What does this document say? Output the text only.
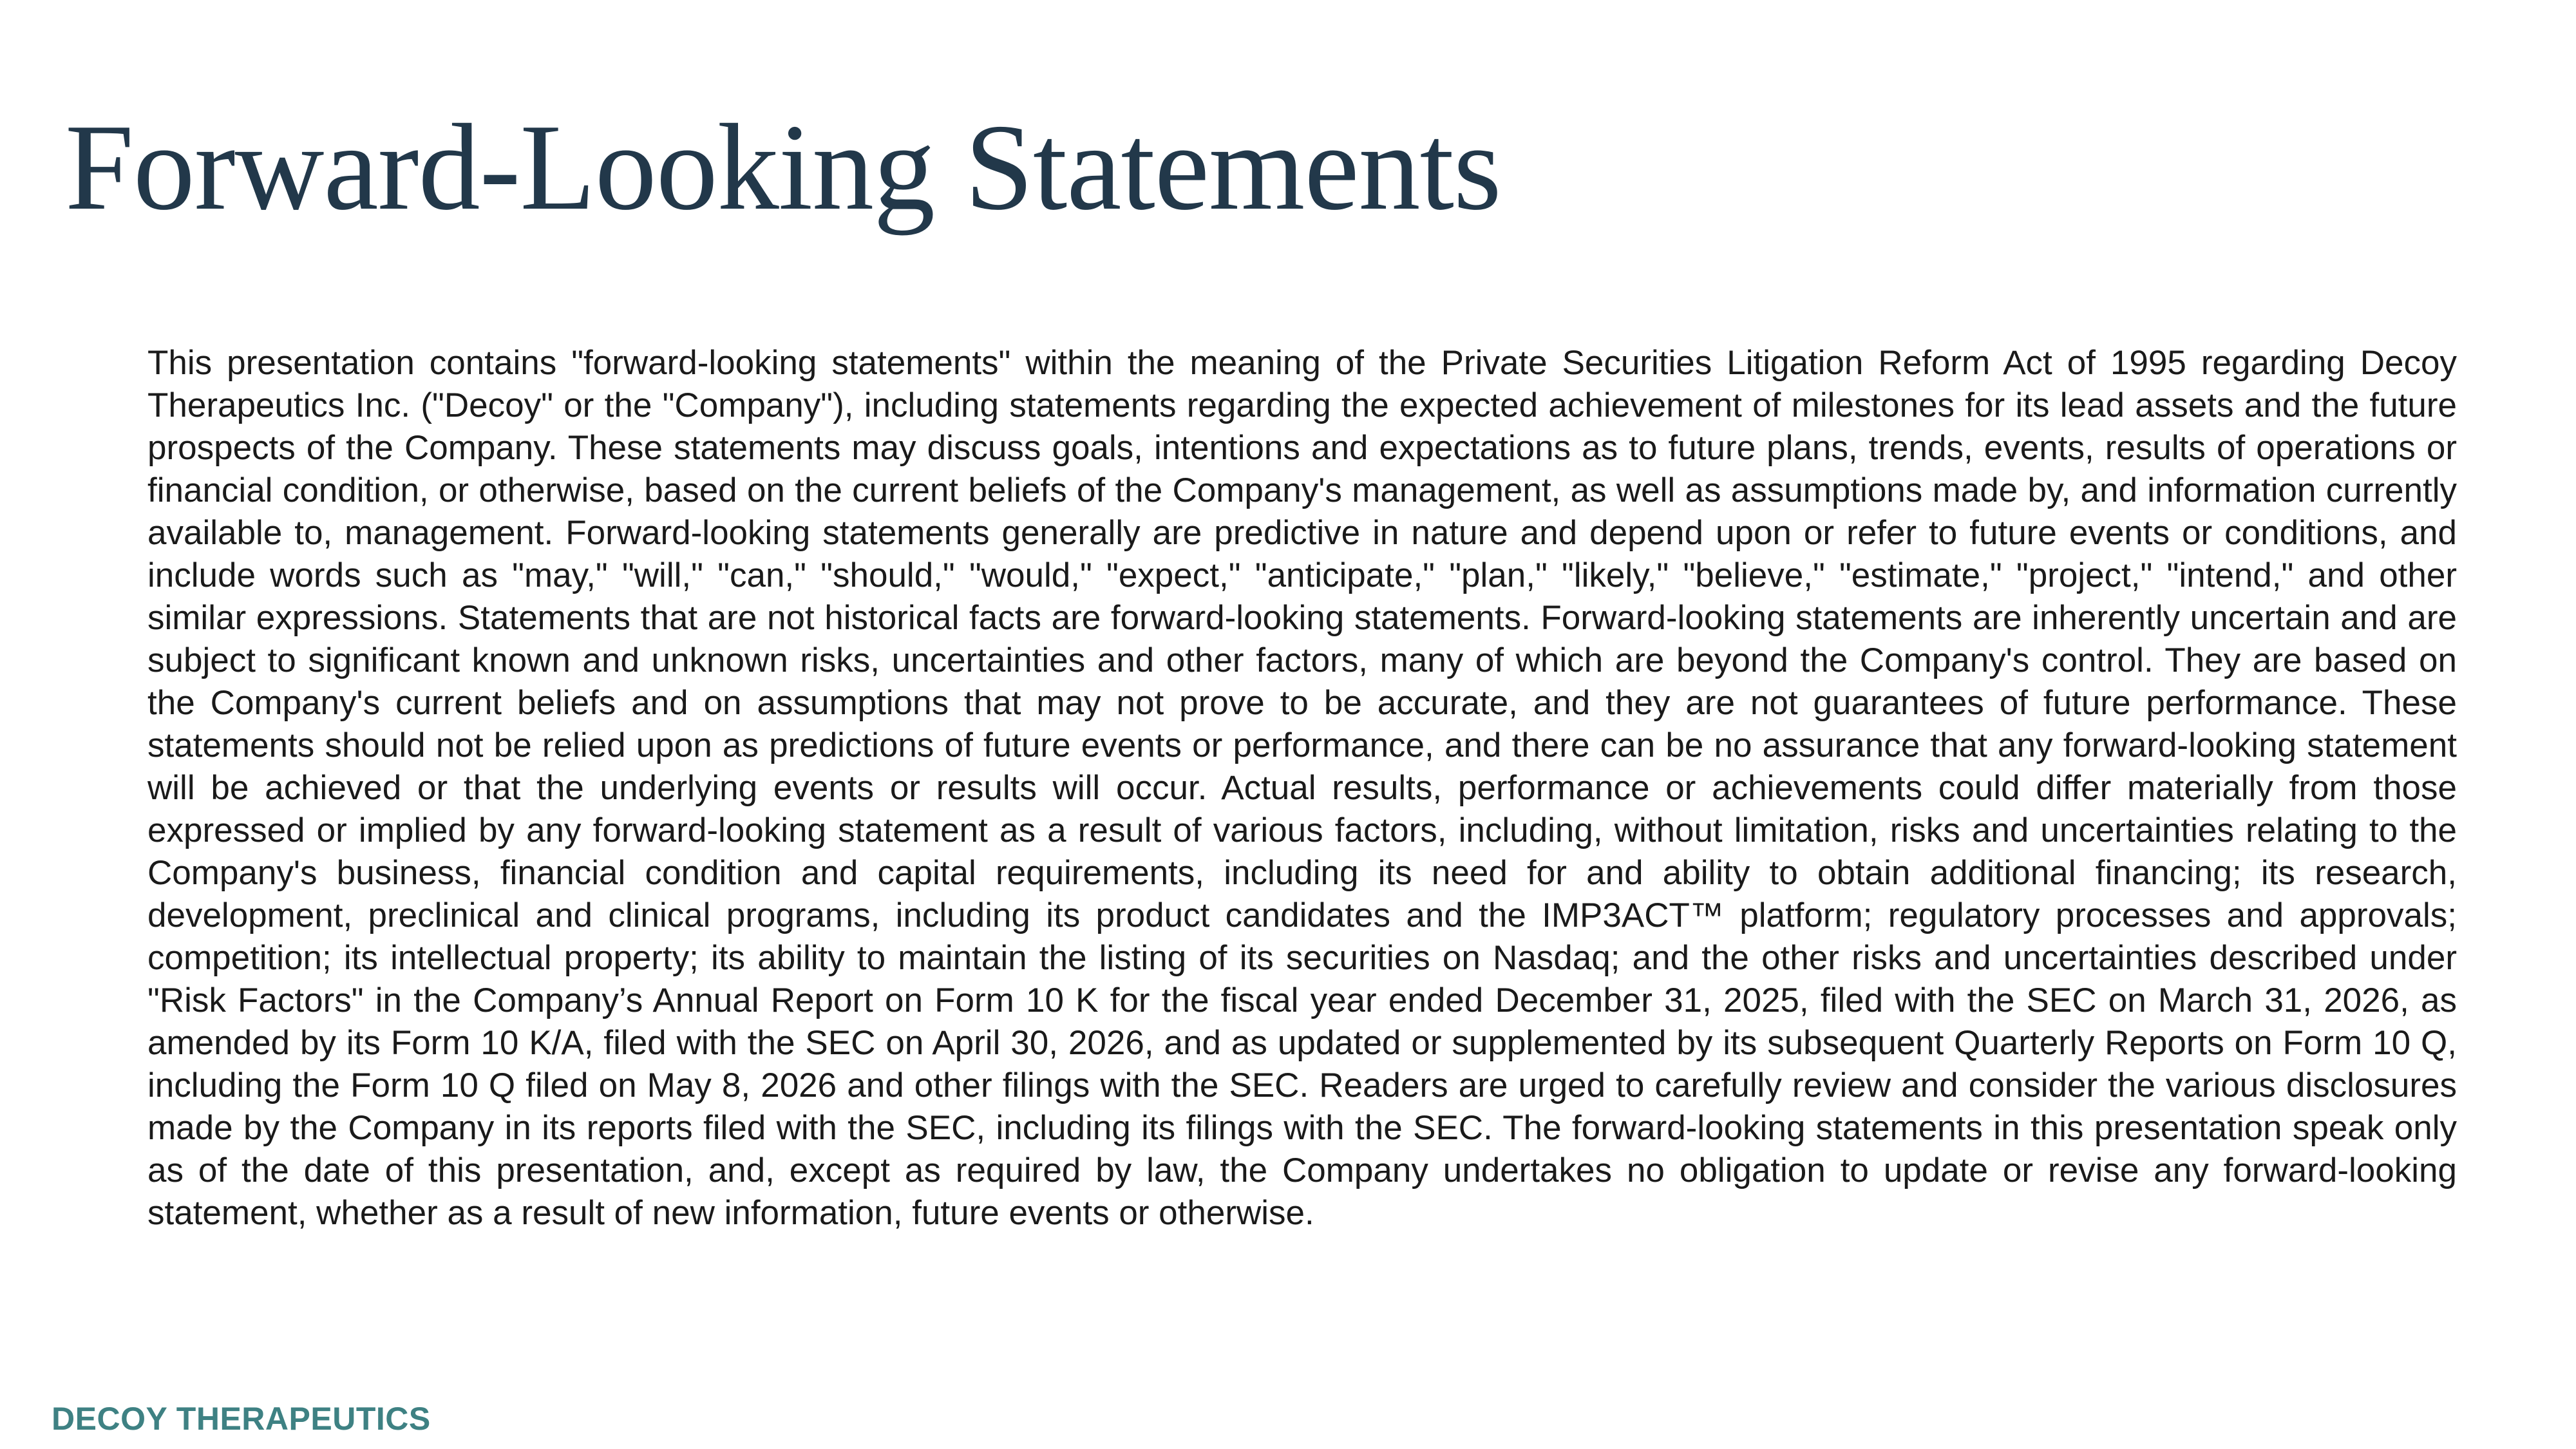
Forward-Looking Statements

This presentation contains "forward-looking statements" within the meaning of the Private Securities Litigation Reform Act of 1995 regarding Decoy Therapeutics Inc. ("Decoy" or the "Company"), including statements regarding the expected achievement of milestones for its lead assets and the future prospects of the Company. These statements may discuss goals, intentions and expectations as to future plans, trends, events, results of operations or financial condition, or otherwise, based on the current beliefs of the Company's management, as well as assumptions made by, and information currently available to, management. Forward-looking statements generally are predictive in nature and depend upon or refer to future events or conditions, and include words such as "may," "will," "can," "should," "would," "expect," "anticipate," "plan," "likely," "believe," "estimate," "project," "intend," and other similar expressions. Statements that are not historical facts are forward-looking statements. Forward-looking statements are inherently uncertain and are subject to significant known and unknown risks, uncertainties and other factors, many of which are beyond the Company's control. They are based on the Company's current beliefs and on assumptions that may not prove to be accurate, and they are not guarantees of future performance. These statements should not be relied upon as predictions of future events or performance, and there can be no assurance that any forward-looking statement will be achieved or that the underlying events or results will occur. Actual results, performance or achievements could differ materially from those expressed or implied by any forward-looking statement as a result of various factors, including, without limitation, risks and uncertainties relating to the Company's business, financial condition and capital requirements, including its need for and ability to obtain additional financing; its research, development, preclinical and clinical programs, including its product candidates and the IMP3ACT™ platform; regulatory processes and approvals; competition; its intellectual property; its ability to maintain the listing of its securities on Nasdaq; and the other risks and uncertainties described under "Risk Factors" in the Company’s Annual Report on Form 10 K for the fiscal year ended December 31, 2025, filed with the SEC on March 31, 2026, as amended by its Form 10 K/A, filed with the SEC on April 30, 2026, and as updated or supplemented by its subsequent Quarterly Reports on Form 10 Q, including the Form 10 Q filed on May 8, 2026 and other filings with the SEC. Readers are urged to carefully review and consider the various disclosures made by the Company in its reports filed with the SEC, including its filings with the SEC. The forward-looking statements in this presentation speak only as of the date of this presentation, and, except as required by law, the Company undertakes no obligation to update or revise any forward-looking statement, whether as a result of new information, future events or otherwise.

DECOY THERAPEUTICS
